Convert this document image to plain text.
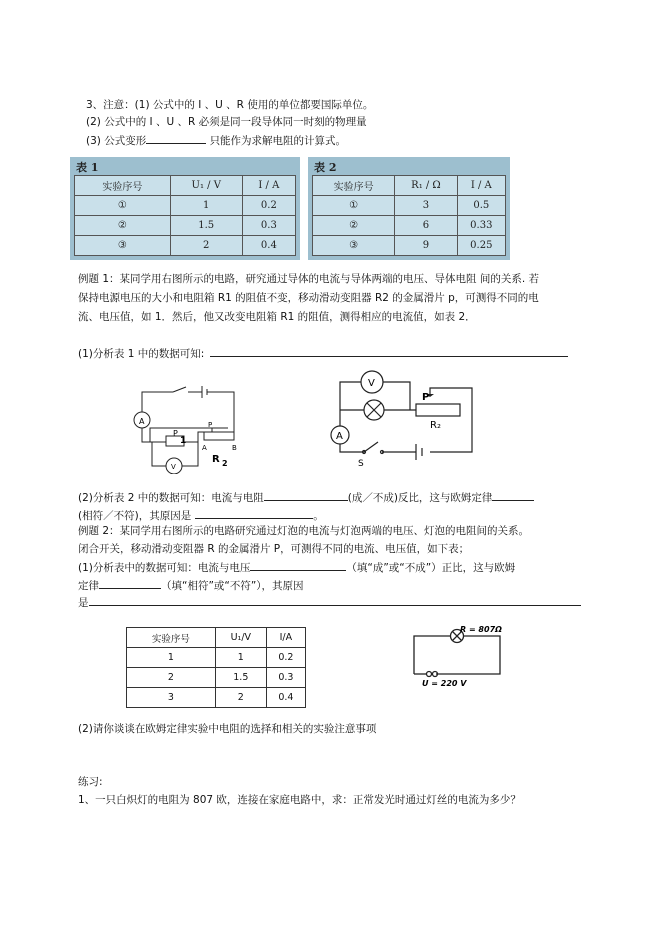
3、注意：(1) 公式中的 I 、U 、R 使用的单位都要国际单位。
(2) 公式中的 I 、U 、R 必须是同一段导体同一时刻的物理量
(3) 公式变形	只能作为求解电阻的计算式。
表 1
实验序号	U₁ / V	I / A
①	1	0.2
②	1.5	0.3
③	2	0.4
表 2
实验序号	R₁ / Ω	I / A
①	3	0.5
②	6	0.33
③	9	0.25
例题 1：某同学用右图所示的电路，研究通过导体的电流与导体两端的电压、导体电阻 间的关系. 若
保持电源电压的大小和电阻箱 R1 的阻值不变，移动滑动变阻器 R2 的金属滑片 p，可测得不同的电
流、电压值，如 1．然后，他又改变电阻箱 R1 的阻值，测得相应的电流值，如表 2．
(1)分析表 1 中的数据可知:
A
V
P
1
P
A	B
R 2
V
A
P
R₂
S
(2)分析表 2 中的数据可知：电流与电阻	(成／不成)反比，这与欧姆定律
(相符／不符)，其原因是	。
例题 2：某同学用右图所示的电路研究通过灯泡的电流与灯泡两端的电压、灯泡的电阻间的关系。
闭合开关，移动滑动变阻器 R 的金属滑片 P，可测得不同的电流、电压值，如下表；
(1)分析表中的数据可知：电流与电压	（填“成”或“不成”）正比，这与欧姆
定律	（填“相符”或“不符”），其原因
是
实验序号	U₁/V	I/A
1	1	0.2
2	1.5	0.3
3	2	0.4
R = 807Ω
U = 220 V
(2)请你谈谈在欧姆定律实验中电阻的选择和相关的实验注意事项
练习:
1、一只白炽灯的电阻为 807 欧，连接在家庭电路中，求：正常发光时通过灯丝的电流为多少？
